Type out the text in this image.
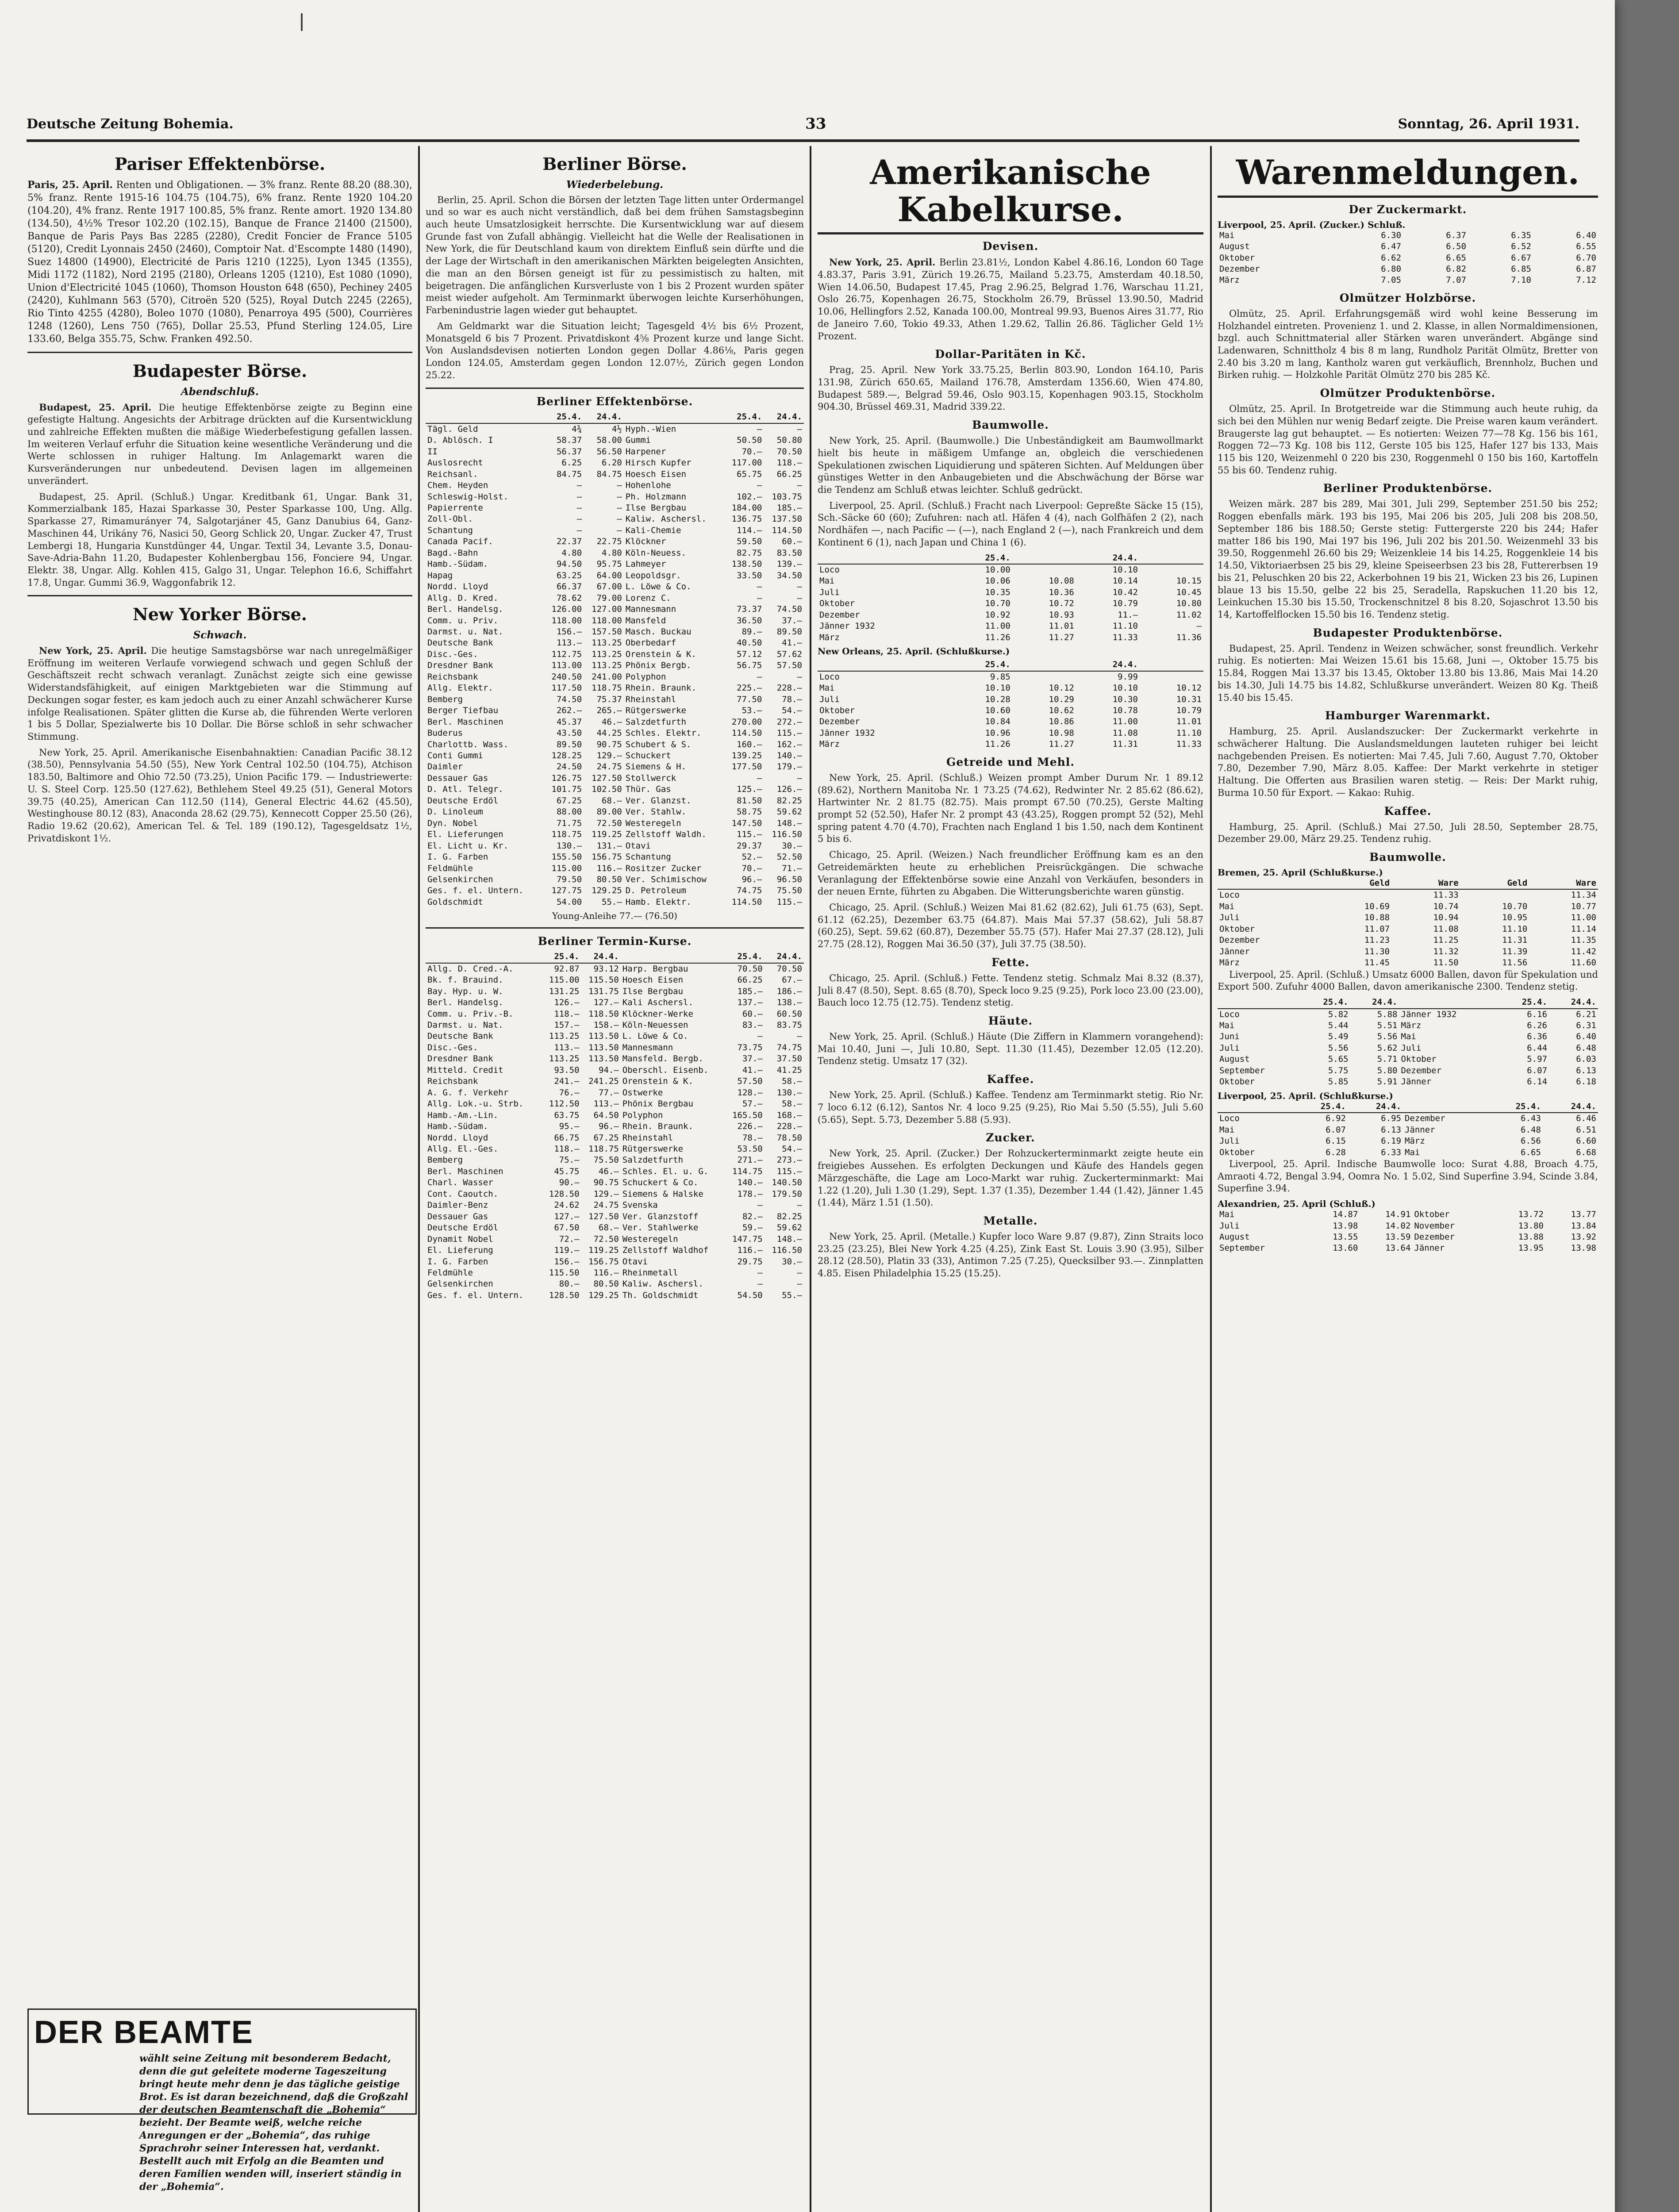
Deutsche Zeitung Bohemia.	33	Sonntag, 26. April 1931.
Pariser Effektenbörse.

Paris, 25. April. Renten und Obligationen. — 3% franz. Rente 88.20 (88.30), 5% franz. Rente 1915-16 104.75 (104.75), 6% franz. Rente 1920 104.20 (104.20), 4% franz. Rente 1917 100.85, 5% franz. Rente amort. 1920 134.80 (134.50), 4½% Tresor 102.20 (102.15), Banque de France 21400 (21500), Banque de Paris Pays Bas 2285 (2280), Credit Foncier de France 5105 (5120), Credit Lyonnais 2450 (2460), Comptoir Nat. d'Escompte 1480 (1490), Suez 14800 (14900), Electricité de Paris 1210 (1225), Lyon 1345 (1355), Midi 1172 (1182), Nord 2195 (2180), Orleans 1205 (1210), Est 1080 (1090), Union d'Electricité 1045 (1060), Thomson Houston 648 (650), Pechiney 2405 (2420), Kuhlmann 563 (570), Citroën 520 (525), Royal Dutch 2245 (2265), Rio Tinto 4255 (4280), Boleo 1070 (1080), Penarroya 495 (500), Courrières 1248 (1260), Lens 750 (765), Dollar 25.53, Pfund Sterling 124.05, Lire 133.60, Belga 355.75, Schw. Franken 492.50.

Budapester Börse.
Abendschluß.

Budapest, 25. April. Die heutige Effektenbörse zeigte zu Beginn eine gefestigte Haltung. Angesichts der Arbitrage drückten auf die Kursentwicklung und zahlreiche Effekten mußten die mäßige Wiederbefestigung gefallen lassen. Im weiteren Verlauf erfuhr die Situation keine wesentliche Veränderung und die Werte schlossen in ruhiger Haltung. Im Anlagemarkt waren die Kursveränderungen nur unbedeutend. Devisen lagen im allgemeinen unverändert.

Budapest, 25. April. (Schluß.) Ungar. Kreditbank 61, Ungar. Bank 31, Kommerzialbank 185, Hazai Sparkasse 30, Pester Sparkasse 100, Ung. Allg. Sparkasse 27, Rimamurányer 74, Salgotarjáner 45, Ganz Danubius 64, Ganz-Maschinen 44, Urikány 76, Nasici 50, Georg Schlick 20, Ungar. Zucker 47, Trust Lembergi 18, Hungaria Kunstdünger 44, Ungar. Textil 34, Levante 3.5, Donau-Save-Adria-Bahn 11.20, Budapester Kohlenbergbau 156, Fonciere 94, Ungar. Elektr. 38, Ungar. Allg. Kohlen 415, Galgo 31, Ungar. Telephon 16.6, Schiffahrt 17.8, Ungar. Gummi 36.9, Waggonfabrik 12.

New Yorker Börse.
Schwach.

New York, 25. April. Die heutige Samstagsbörse war nach unregelmäßiger Eröffnung im weiteren Verlaufe vorwiegend schwach und gegen Schluß der Geschäftszeit recht schwach veranlagt. Zunächst zeigte sich eine gewisse Widerstandsfähigkeit, auf einigen Marktgebieten war die Stimmung auf Deckungen sogar fester, es kam jedoch auch zu einer Anzahl schwächerer Kurse infolge Realisationen. Später glitten die Kurse ab, die führenden Werte verloren 1 bis 5 Dollar, Spezialwerte bis 10 Dollar. Die Börse schloß in sehr schwacher Stimmung.

New York, 25. April. Amerikanische Eisenbahnaktien: Canadian Pacific 38.12 (38.50), Pennsylvania 54.50 (55), New York Central 102.50 (104.75), Atchison 183.50, Baltimore and Ohio 72.50 (73.25), Union Pacific 179. — Industriewerte: U. S. Steel Corp. 125.50 (127.62), Bethlehem Steel 49.25 (51), General Motors 39.75 (40.25), American Can 112.50 (114), General Electric 44.62 (45.50), Westinghouse 80.12 (83), Anaconda 28.62 (29.75), Kennecott Copper 25.50 (26), Radio 19.62 (20.62), American Tel. & Tel. 189 (190.12), Tagesgeldsatz 1½, Privatdiskont 1½.

DER BEAMTE
wählt seine Zeitung mit besonderem Bedacht, denn die gut geleitete moderne Tageszeitung bringt heute mehr denn je das tägliche geistige Brot. Es ist daran bezeichnend, daß die Großzahl der deutschen Beamtenschaft die „Bohemia“ bezieht. Der Beamte weiß, welche reiche Anregungen er der „Bohemia“, das ruhige Sprachrohr seiner Interessen hat, verdankt. Bestellt auch mit Erfolg an die Beamten und deren Familien wenden will, inseriert ständig in der „Bohemia“.
Berliner Börse.
Wiederbelebung.

Berlin, 25. April. Schon die Börsen der letzten Tage litten unter Ordermangel und so war es auch nicht verständlich, daß bei dem frühen Samstagsbeginn auch heute Umsatzlosigkeit herrschte. Die Kursentwicklung war auf diesem Grunde fast von Zufall abhängig. Vielleicht hat die Welle der Realisationen in New York, die für Deutschland kaum von direktem Einfluß sein dürfte und die der Lage der Wirtschaft in den amerikanischen Märkten beigelegten Ansichten, die man an den Börsen geneigt ist für zu pessimistisch zu halten, mit beigetragen. Die anfänglichen Kursverluste von 1 bis 2 Prozent wurden später meist wieder aufgeholt. Am Terminmarkt überwogen leichte Kurserhöhungen, Farbenindustrie lagen wieder gut behauptet.

Am Geldmarkt war die Situation leicht; Tagesgeld 4½ bis 6½ Prozent, Monatsgeld 6 bis 7 Prozent. Privatdiskont 4⅝ Prozent kurze und lange Sicht. Von Auslandsdevisen notierten London gegen Dollar 4.86⅛, Paris gegen London 124.05, Amsterdam gegen London 12.07½, Zürich gegen London 25.22.

Berliner Effektenbörse.
	25.4.	24.4.		25.4.	24.4.
Tägl. Geld	4¾	4½	Hyph.-Wien	—	—
D. Ablösch. I	58.37	58.00	Gummi	50.50	50.80
II	56.37	56.50	Harpener	70.—	70.50
Auslosrecht	6.25	6.20	Hirsch Kupfer	117.00	118.—
Reichsanl.	84.75	84.75	Hoesch Eisen	65.75	66.25
Chem. Heyden	—	—	Hohenlohe	—	—
Schleswig-Holst.	—	—	Ph. Holzmann	102.—	103.75
Papierrente	—	—	Ilse Bergbau	184.00	185.—
Zoll-Obl.	—	—	Kaliw. Aschersl.	136.75	137.50
Schantung	—	—	Kali-Chemie	114.—	114.50
Canada Pacif.	22.37	22.75	Klöckner	59.50	60.—
Bagd.-Bahn	4.80	4.80	Köln-Neuess.	82.75	83.50
Hamb.-Südam.	94.50	95.75	Lahmeyer	138.50	139.—
Hapag	63.25	64.00	Leopoldsgr.	33.50	34.50
Nordd. Lloyd	66.37	67.00	L. Löwe & Co.	—	—
Allg. D. Kred.	78.62	79.00	Lorenz C.	—	—
Berl. Handelsg.	126.00	127.00	Mannesmann	73.37	74.50
Comm. u. Priv.	118.00	118.00	Mansfeld	36.50	37.—
Darmst. u. Nat.	156.—	157.50	Masch. Buckau	89.—	89.50
Deutsche Bank	113.—	113.25	Oberbedarf	40.50	41.—
Disc.-Ges.	112.75	113.25	Orenstein & K.	57.12	57.62
Dresdner Bank	113.00	113.25	Phönix Bergb.	56.75	57.50
Reichsbank	240.50	241.00	Polyphon	—	—
Allg. Elektr.	117.50	118.75	Rhein. Braunk.	225.—	228.—
Bemberg	74.50	75.37	Rheinstahl	77.50	78.—
Berger Tiefbau	262.—	265.—	Rütgerswerke	53.—	54.—
Berl. Maschinen	45.37	46.—	Salzdetfurth	270.00	272.—
Buderus	43.50	44.25	Schles. Elektr.	114.50	115.—
Charlottb. Wass.	89.50	90.75	Schubert & S.	160.—	162.—
Conti Gummi	128.25	129.—	Schuckert	139.25	140.—
Daimler	24.50	24.75	Siemens & H.	177.50	179.—
Dessauer Gas	126.75	127.50	Stollwerck	—	—
D. Atl. Telegr.	101.75	102.50	Thür. Gas	125.—	126.—
Deutsche Erdöl	67.25	68.—	Ver. Glanzst.	81.50	82.25
D. Linoleum	88.00	89.00	Ver. Stahlw.	58.75	59.62
Dyn. Nobel	71.75	72.50	Westeregeln	147.50	148.—
El. Lieferungen	118.75	119.25	Zellstoff Waldh.	115.—	116.50
El. Licht u. Kr.	130.—	131.—	Otavi	29.37	30.—
I. G. Farben	155.50	156.75	Schantung	52.—	52.50
Feldmühle	115.00	116.—	Rositzer Zucker	70.—	71.—
Gelsenkirchen	79.50	80.50	Ver. Schimischow	96.—	96.50
Ges. f. el. Untern.	127.75	129.25	D. Petroleum	74.75	75.50
Goldschmidt	54.00	55.—	Hamb. Elektr.	114.50	115.—
Young-Anleihe 77.— (76.50)
Berliner Termin-Kurse.
	25.4.	24.4.		25.4.	24.4.
Allg. D. Cred.-A.	92.87	93.12	Harp. Bergbau	70.50	70.50
Bk. f. Brauind.	115.00	115.50	Hoesch Eisen	66.25	67.—
Bay. Hyp. u. W.	131.25	131.75	Ilse Bergbau	185.—	186.—
Berl. Handelsg.	126.—	127.—	Kali Aschersl.	137.—	138.—
Comm. u. Priv.-B.	118.—	118.50	Klöckner-Werke	60.—	60.50
Darmst. u. Nat.	157.—	158.—	Köln-Neuessen	83.—	83.75
Deutsche Bank	113.25	113.50	L. Löwe & Co.	—	—
Disc.-Ges.	113.—	113.50	Mannesmann	73.75	74.75
Dresdner Bank	113.25	113.50	Mansfeld. Bergb.	37.—	37.50
Mitteld. Credit	93.50	94.—	Oberschl. Eisenb.	41.—	41.25
Reichsbank	241.—	241.25	Orenstein & K.	57.50	58.—
A. G. f. Verkehr	76.—	77.—	Ostwerke	128.—	130.—
Allg. Lok.-u. Strb.	112.50	113.—	Phönix Bergbau	57.—	58.—
Hamb.-Am.-Lin.	63.75	64.50	Polyphon	165.50	168.—
Hamb.-Südam.	95.—	96.—	Rhein. Braunk.	226.—	228.—
Nordd. Lloyd	66.75	67.25	Rheinstahl	78.—	78.50
Allg. El.-Ges.	118.—	118.75	Rütgerswerke	53.50	54.—
Bemberg	75.—	75.50	Salzdetfurth	271.—	273.—
Berl. Maschinen	45.75	46.—	Schles. El. u. G.	114.75	115.—
Charl. Wasser	90.—	90.75	Schuckert & Co.	140.—	140.50
Cont. Caoutch.	128.50	129.—	Siemens & Halske	178.—	179.50
Daimler-Benz	24.62	24.75	Svenska	—	—
Dessauer Gas	127.—	127.50	Ver. Glanzstoff	82.—	82.25
Deutsche Erdöl	67.50	68.—	Ver. Stahlwerke	59.—	59.62
Dynamit Nobel	72.—	72.50	Westeregeln	147.75	148.—
El. Lieferung	119.—	119.25	Zellstoff Waldhof	116.—	116.50
I. G. Farben	156.—	156.75	Otavi	29.75	30.—
Feldmühle	115.50	116.—	Rheinmetall	—	—
Gelsenkirchen	80.—	80.50	Kaliw. Aschersl.	—	—
Ges. f. el. Untern.	128.50	129.25	Th. Goldschmidt	54.50	55.—
Amerikanische Kabelkurse.
Devisen.

New York, 25. April. Berlin 23.81½, London Kabel 4.86.16, London 60 Tage 4.83.37, Paris 3.91, Zürich 19.26.75, Mailand 5.23.75, Amsterdam 40.18.50, Wien 14.06.50, Budapest 17.45, Prag 2.96.25, Belgrad 1.76, Warschau 11.21, Oslo 26.75, Kopenhagen 26.75, Stockholm 26.79, Brüssel 13.90.50, Madrid 10.06, Hellingfors 2.52, Kanada 100.00, Montreal 99.93, Buenos Aires 31.77, Rio de Janeiro 7.60, Tokio 49.33, Athen 1.29.62, Tallin 26.86. Täglicher Geld 1½ Prozent.

Dollar-Paritäten in Kč.

Prag, 25. April. New York 33.75.25, Berlin 803.90, London 164.10, Paris 131.98, Zürich 650.65, Mailand 176.78, Amsterdam 1356.60, Wien 474.80, Budapest 589.—, Belgrad 59.46, Oslo 903.15, Kopenhagen 903.15, Stockholm 904.30, Brüssel 469.31, Madrid 339.22.

Baumwolle.

New York, 25. April. (Baumwolle.) Die Unbeständigkeit am Baumwollmarkt hielt bis heute in mäßigem Umfange an, obgleich die verschiedenen Spekulationen zwischen Liquidierung und späteren Sichten. Auf Meldungen über günstiges Wetter in den Anbaugebieten und die Abschwächung der Börse war die Tendenz am Schluß etwas leichter. Schluß gedrückt.

Liverpool, 25. April. (Schluß.) Fracht nach Liverpool: Gepreßte Säcke 15 (15), Sch.-Säcke 60 (60); Zufuhren: nach atl. Häfen 4 (4), nach Golfhäfen 2 (2), nach Nordhäfen —, nach Pacific — (—), nach England 2 (—), nach Frankreich und dem Kontinent 6 (1), nach Japan und China 1 (6).

	25.4.		24.4.	
Loco	10.00		10.10	
Mai	10.06	10.08	10.14	10.15
Juli	10.35	10.36	10.42	10.45
Oktober	10.70	10.72	10.79	10.80
Dezember	10.92	10.93	11.—	11.02
Jänner 1932	11.00	11.01	11.10	—
März	11.26	11.27	11.33	11.36
New Orleans, 25. April. (Schlußkurse.)
	25.4.		24.4.	
Loco	9.85		9.99	
Mai	10.10	10.12	10.10	10.12
Juli	10.28	10.29	10.30	10.31
Oktober	10.60	10.62	10.78	10.79
Dezember	10.84	10.86	11.00	11.01
Jänner 1932	10.96	10.98	11.08	11.10
März	11.26	11.27	11.31	11.33
Getreide und Mehl.

New York, 25. April. (Schluß.) Weizen prompt Amber Durum Nr. 1 89.12 (89.62), Northern Manitoba Nr. 1 73.25 (74.62), Redwinter Nr. 2 85.62 (86.62), Hartwinter Nr. 2 81.75 (82.75). Mais prompt 67.50 (70.25), Gerste Malting prompt 52 (52.50), Hafer Nr. 2 prompt 43 (43.25), Roggen prompt 52 (52), Mehl spring patent 4.70 (4.70), Frachten nach England 1 bis 1.50, nach dem Kontinent 5 bis 6.

Chicago, 25. April. (Weizen.) Nach freundlicher Eröffnung kam es an den Getreidemärkten heute zu erheblichen Preisrückgängen. Die schwache Veranlagung der Effektenbörse sowie eine Anzahl von Verkäufen, besonders in der neuen Ernte, führten zu Abgaben. Die Witterungsberichte waren günstig.

Chicago, 25. April. (Schluß.) Weizen Mai 81.62 (82.62), Juli 61.75 (63), Sept. 61.12 (62.25), Dezember 63.75 (64.87). Mais Mai 57.37 (58.62), Juli 58.87 (60.25), Sept. 59.62 (60.87), Dezember 55.75 (57). Hafer Mai 27.37 (28.12), Juli 27.75 (28.12), Roggen Mai 36.50 (37), Juli 37.75 (38.50).

Fette.

Chicago, 25. April. (Schluß.) Fette. Tendenz stetig. Schmalz Mai 8.32 (8.37), Juli 8.47 (8.50), Sept. 8.65 (8.70), Speck loco 9.25 (9.25), Pork loco 23.00 (23.00), Bauch loco 12.75 (12.75). Tendenz stetig.

Häute.

New York, 25. April. (Schluß.) Häute (Die Ziffern in Klammern vorangehend): Mai 10.40, Juni —, Juli 10.80, Sept. 11.30 (11.45), Dezember 12.05 (12.20). Tendenz stetig. Umsatz 17 (32).

Kaffee.

New York, 25. April. (Schluß.) Kaffee. Tendenz am Terminmarkt stetig. Rio Nr. 7 loco 6.12 (6.12), Santos Nr. 4 loco 9.25 (9.25), Rio Mai 5.50 (5.55), Juli 5.60 (5.65), Sept. 5.73, Dezember 5.88 (5.93).

Zucker.

New York, 25. April. (Zucker.) Der Rohzuckerterminmarkt zeigte heute ein freigiebes Aussehen. Es erfolgten Deckungen und Käufe des Handels gegen Märzgeschäfte, die Lage am Loco-Markt war ruhig. Zuckerterminmarkt: Mai 1.22 (1.20), Juli 1.30 (1.29), Sept. 1.37 (1.35), Dezember 1.44 (1.42), Jänner 1.45 (1.44), März 1.51 (1.50).

Metalle.

New York, 25. April. (Metalle.) Kupfer loco Ware 9.87 (9.87), Zinn Straits loco 23.25 (23.25), Blei New York 4.25 (4.25), Zink East St. Louis 3.90 (3.95), Silber 28.12 (28.50), Platin 33 (33), Antimon 7.25 (7.25), Quecksilber 93.—. Zinnplatten 4.85. Eisen Philadelphia 15.25 (15.25).

Warenmeldungen.
Der Zuckermarkt.
Liverpool, 25. April. (Zucker.) Schluß.
Mai	6.30	6.37	6.35	6.40
August	6.47	6.50	6.52	6.55
Oktober	6.62	6.65	6.67	6.70
Dezember	6.80	6.82	6.85	6.87
März	7.05	7.07	7.10	7.12
Olmützer Holzbörse.

Olmütz, 25. April. Erfahrungsgemäß wird wohl keine Besserung im Holzhandel eintreten. Provenienz 1. und 2. Klasse, in allen Normaldimensionen, bzgl. auch Schnittmaterial aller Stärken waren unverändert. Abgänge sind Ladenwaren, Schnittholz 4 bis 8 m lang, Rundholz Parität Olmütz, Bretter von 2.40 bis 3.20 m lang, Kantholz waren gut verkäuflich, Brennholz, Buchen und Birken ruhig. — Holzkohle Parität Olmütz 270 bis 285 Kč.

Olmützer Produktenbörse.

Olmütz, 25. April. In Brotgetreide war die Stimmung auch heute ruhig, da sich bei den Mühlen nur wenig Bedarf zeigte. Die Preise waren kaum verändert. Braugerste lag gut behauptet. — Es notierten: Weizen 77—78 Kg. 156 bis 161, Roggen 72—73 Kg. 108 bis 112, Gerste 105 bis 125, Hafer 127 bis 133, Mais 115 bis 120, Weizenmehl 0 220 bis 230, Roggenmehl 0 150 bis 160, Kartoffeln 55 bis 60. Tendenz ruhig.

Berliner Produktenbörse.

Weizen märk. 287 bis 289, Mai 301, Juli 299, September 251.50 bis 252; Roggen ebenfalls märk. 193 bis 195, Mai 206 bis 205, Juli 208 bis 208.50, September 186 bis 188.50; Gerste stetig: Futtergerste 220 bis 244; Hafer matter 186 bis 190, Mai 197 bis 196, Juli 202 bis 201.50. Weizenmehl 33 bis 39.50, Roggenmehl 26.60 bis 29; Weizenkleie 14 bis 14.25, Roggenkleie 14 bis 14.50, Viktoriaerbsen 25 bis 29, kleine Speiseerbsen 23 bis 28, Futtererbsen 19 bis 21, Peluschken 20 bis 22, Ackerbohnen 19 bis 21, Wicken 23 bis 26, Lupinen blaue 13 bis 15.50, gelbe 22 bis 25, Seradella, Rapskuchen 11.20 bis 12, Leinkuchen 15.30 bis 15.50, Trockenschnitzel 8 bis 8.20, Sojaschrot 13.50 bis 14, Kartoffelflocken 15.50 bis 16. Tendenz stetig.

Budapester Produktenbörse.

Budapest, 25. April. Tendenz in Weizen schwächer, sonst freundlich. Verkehr ruhig. Es notierten: Mai Weizen 15.61 bis 15.68, Juni —, Oktober 15.75 bis 15.84, Roggen Mai 13.37 bis 13.45, Oktober 13.80 bis 13.86, Mais Mai 14.20 bis 14.30, Juli 14.75 bis 14.82, Schlußkurse unverändert. Weizen 80 Kg. Theiß 15.40 bis 15.45.

Hamburger Warenmarkt.

Hamburg, 25. April. Auslandszucker: Der Zuckermarkt verkehrte in schwächerer Haltung. Die Auslandsmeldungen lauteten ruhiger bei leicht nachgebenden Preisen. Es notierten: Mai 7.45, Juli 7.60, August 7.70, Oktober 7.80, Dezember 7.90, März 8.05. Kaffee: Der Markt verkehrte in stetiger Haltung. Die Offerten aus Brasilien waren stetig. — Reis: Der Markt ruhig, Burma 10.50 für Export. — Kakao: Ruhig.

Kaffee.

Hamburg, 25. April. (Schluß.) Mai 27.50, Juli 28.50, September 28.75, Dezember 29.00, März 29.25. Tendenz ruhig.

Baumwolle.
Bremen, 25. April (Schlußkurse.)
	Geld	Ware	Geld	Ware
Loco		11.33		11.34
Mai	10.69	10.74	10.70	10.77
Juli	10.88	10.94	10.95	11.00
Oktober	11.07	11.08	11.10	11.14
Dezember	11.23	11.25	11.31	11.35
Jänner	11.30	11.32	11.39	11.42
März	11.45	11.50	11.56	11.60

Liverpool, 25. April. (Schluß.) Umsatz 6000 Ballen, davon für Spekulation und Export 500. Zufuhr 4000 Ballen, davon amerikanische 2300. Tendenz stetig.

	25.4.	24.4.		25.4.	24.4.
Loco	5.82	5.88	Jänner 1932	6.16	6.21
Mai	5.44	5.51	März	6.26	6.31
Juni	5.49	5.56	Mai	6.36	6.40
Juli	5.56	5.62	Juli	6.44	6.48
August	5.65	5.71	Oktober	5.97	6.03
September	5.75	5.80	Dezember	6.07	6.13
Oktober	5.85	5.91	Jänner	6.14	6.18
Liverpool, 25. April. (Schlußkurse.)
	25.4.	24.4.		25.4.	24.4.
Loco	6.92	6.95	Dezember	6.43	6.46
Mai	6.07	6.13	Jänner	6.48	6.51
Juli	6.15	6.19	März	6.56	6.60
Oktober	6.28	6.33	Mai	6.65	6.68

Liverpool, 25. April. Indische Baumwolle loco: Surat 4.88, Broach 4.75, Amraoti 4.72, Bengal 3.94, Oomra No. 1 5.02, Sind Superfine 3.94, Scinde 3.84, Superfine 3.94.

Alexandrien, 25. April (Schluß.)
Mai	14.87	14.91	Oktober	13.72	13.77
Juli	13.98	14.02	November	13.80	13.84
August	13.55	13.59	Dezember	13.88	13.92
September	13.60	13.64	Jänner	13.95	13.98
